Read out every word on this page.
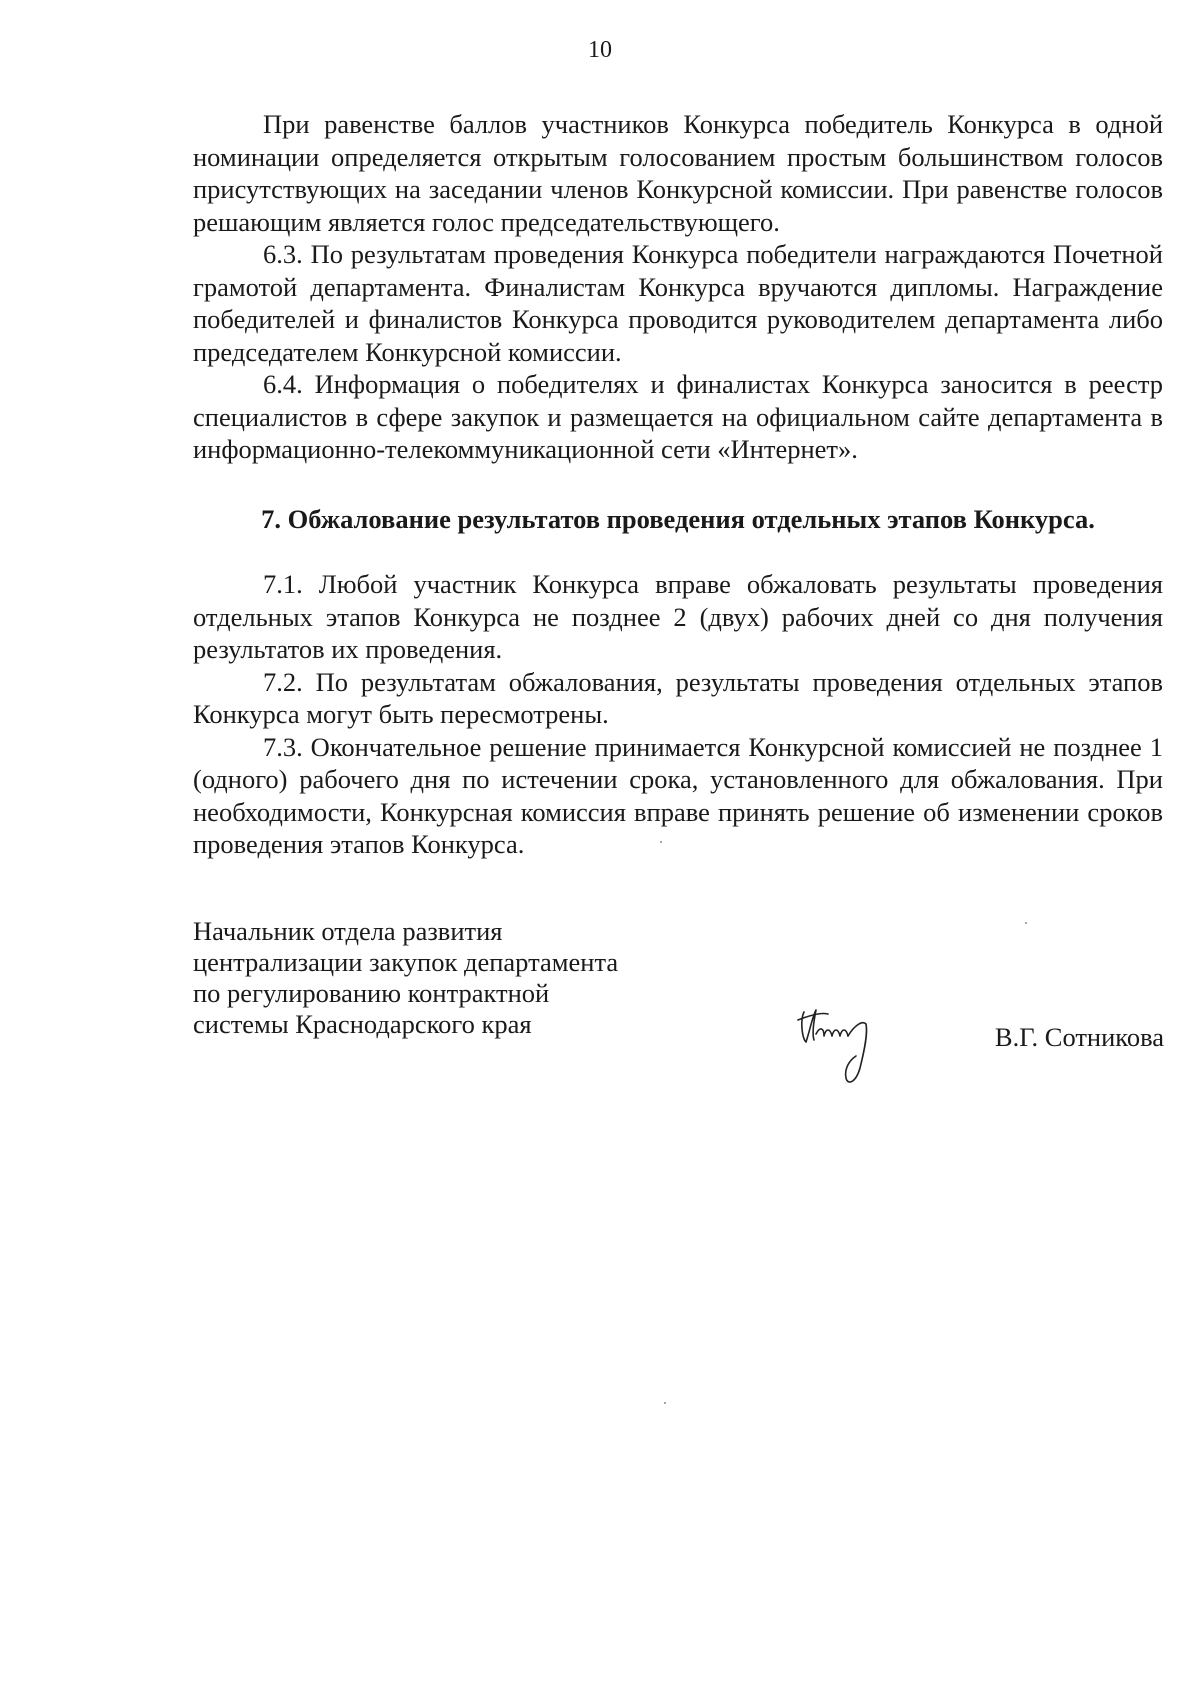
10

При равенстве баллов участников Конкурса победитель Конкурса в одной номинации определяется открытым голосованием простым большинством голосов присутствующих на заседании членов Конкурсной комиссии. При равенстве голосов решающим является голос председательствующего.

6.3. По результатам проведения Конкурса победители награждаются Почетной грамотой департамента. Финалистам Конкурса вручаются дипломы. Награждение победителей и финалистов Конкурса проводится руководителем департамента либо председателем Конкурсной комиссии.

6.4. Информация о победителях и финалистах Конкурса заносится в реестр специалистов в сфере закупок и размещается на официальном сайте департамента в информационно-телекоммуникационной сети «Интернет».

7. Обжалование результатов проведения отдельных этапов Конкурса.

7.1. Любой участник Конкурса вправе обжаловать результаты проведения отдельных этапов Конкурса не позднее 2 (двух) рабочих дней со дня получения результатов их проведения.

7.2. По результатам обжалования, результаты проведения отдельных этапов Конкурса могут быть пересмотрены.

7.3. Окончательное решение принимается Конкурсной комиссией не позднее 1 (одного) рабочего дня по истечении срока, установленного для обжалования. При необходимости, Конкурсная комиссия вправе принять решение об изменении сроков проведения этапов Конкурса.

Начальник отдела развития
централизации закупок департамента
по регулированию контрактной
системы Краснодарского края	В.Г. Сотникова
